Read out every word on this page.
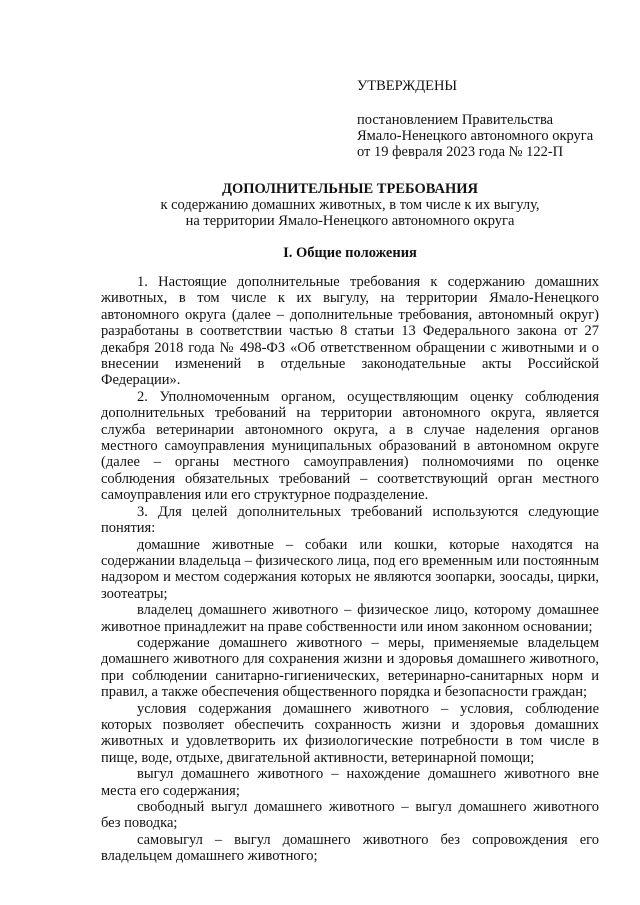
УТВЕРЖДЕНЫ
постановлением Правительства
Ямало-Ненецкого автономного округа
от 19 февраля 2023 года № 122-П
ДОПОЛНИТЕЛЬНЫЕ ТРЕБОВАНИЯ
к содержанию домашних животных, в том числе к их выгулу,
на территории Ямало-Ненецкого автономного округа
I. Общие положения

1. Настоящие дополнительные требования к содержанию домашних животных, в том числе к их выгулу, на территории Ямало-Ненецкого автономного округа (далее – дополнительные требования, автономный округ) разработаны в соответствии частью 8 статьи 13 Федерального закона от 27 декабря 2018 года № 498-ФЗ «Об ответственном обращении с животными и о внесении изменений в отдельные законодательные акты Российской Федерации».

2. Уполномоченным органом, осуществляющим оценку соблюдения дополнительных требований на территории автономного округа, является служба ветеринарии автономного округа, а в случае наделения органов местного самоуправления муниципальных образований в автономном округе (далее – органы местного самоуправления) полномочиями по оценке соблюдения обязательных требований – соответствующий орган местного самоуправления или его структурное подразделение.

3. Для целей дополнительных требований используются следующие понятия:

домашние животные – собаки или кошки, которые находятся на содержании владельца – физического лица, под его временным или постоянным надзором и местом содержания которых не являются зоопарки, зоосады, цирки, зоотеатры;

владелец домашнего животного – физическое лицо, которому домашнее животное принадлежит на праве собственности или ином законном основании;

содержание домашнего животного – меры, применяемые владельцем домашнего животного для сохранения жизни и здоровья домашнего животного, при соблюдении санитарно-гигиенических, ветеринарно-санитарных норм и правил, а также обеспечения общественного порядка и безопасности граждан;

условия содержания домашнего животного – условия, соблюдение которых позволяет обеспечить сохранность жизни и здоровья домашних животных и удовлетворить их физиологические потребности в том числе в пище, воде, отдыхе, двигательной активности, ветеринарной помощи;

выгул домашнего животного – нахождение домашнего животного вне места его содержания;

свободный выгул домашнего животного – выгул домашнего животного без поводка;

самовыгул – выгул домашнего животного без сопровождения его владельцем домашнего животного;
